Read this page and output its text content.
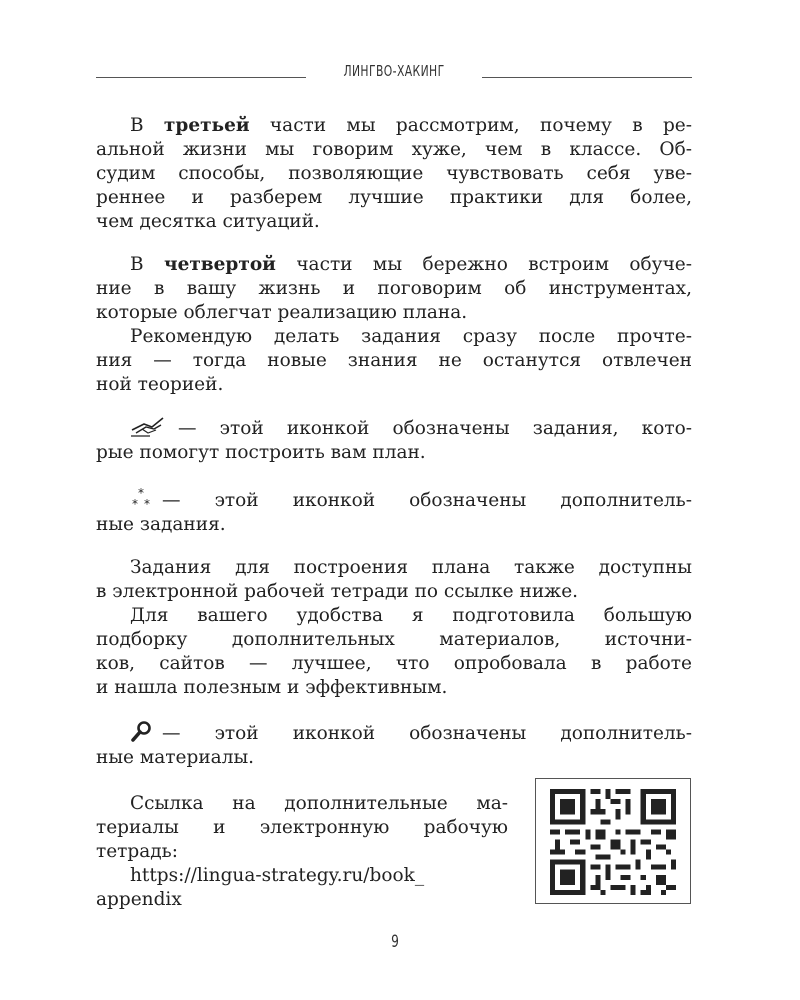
ЛИНГВО-ХАКИНГ
В третьей части мы рассмотрим, почему в ре-
альной жизни мы говорим хуже, чем в классе. Об-
судим способы, позволяющие чувствовать себя уве-
реннее и разберем лучшие практики для более,
чем десятка ситуаций.
В четвертой части мы бережно встроим обуче-
ние в вашу жизнь и поговорим об инструментах,
которые облегчат реализацию плана.
Рекомендую делать задания сразу после прочте-
ния — тогда новые знания не останутся отвлечен
ной теорией.
— этой иконкой обозначены задания, кото-
рые помогут построить вам план.
*
* * — этой иконкой обозначены дополнитель-
ные задания.
Задания для построения плана также доступны
в электронной рабочей тетради по ссылке ниже.
Для вашего удобства я подготовила большую
подборку дополнительных материалов, источни-
ков, сайтов — лучшее, что опробовала в работе
и нашла полезным и эффективным.
— этой иконкой обозначены дополнитель-
ные материалы.
Ссылка на дополнительные ма-
териалы и электронную рабочую
тетрадь:
https://lingua-strategy.ru/book_
appendix
9
